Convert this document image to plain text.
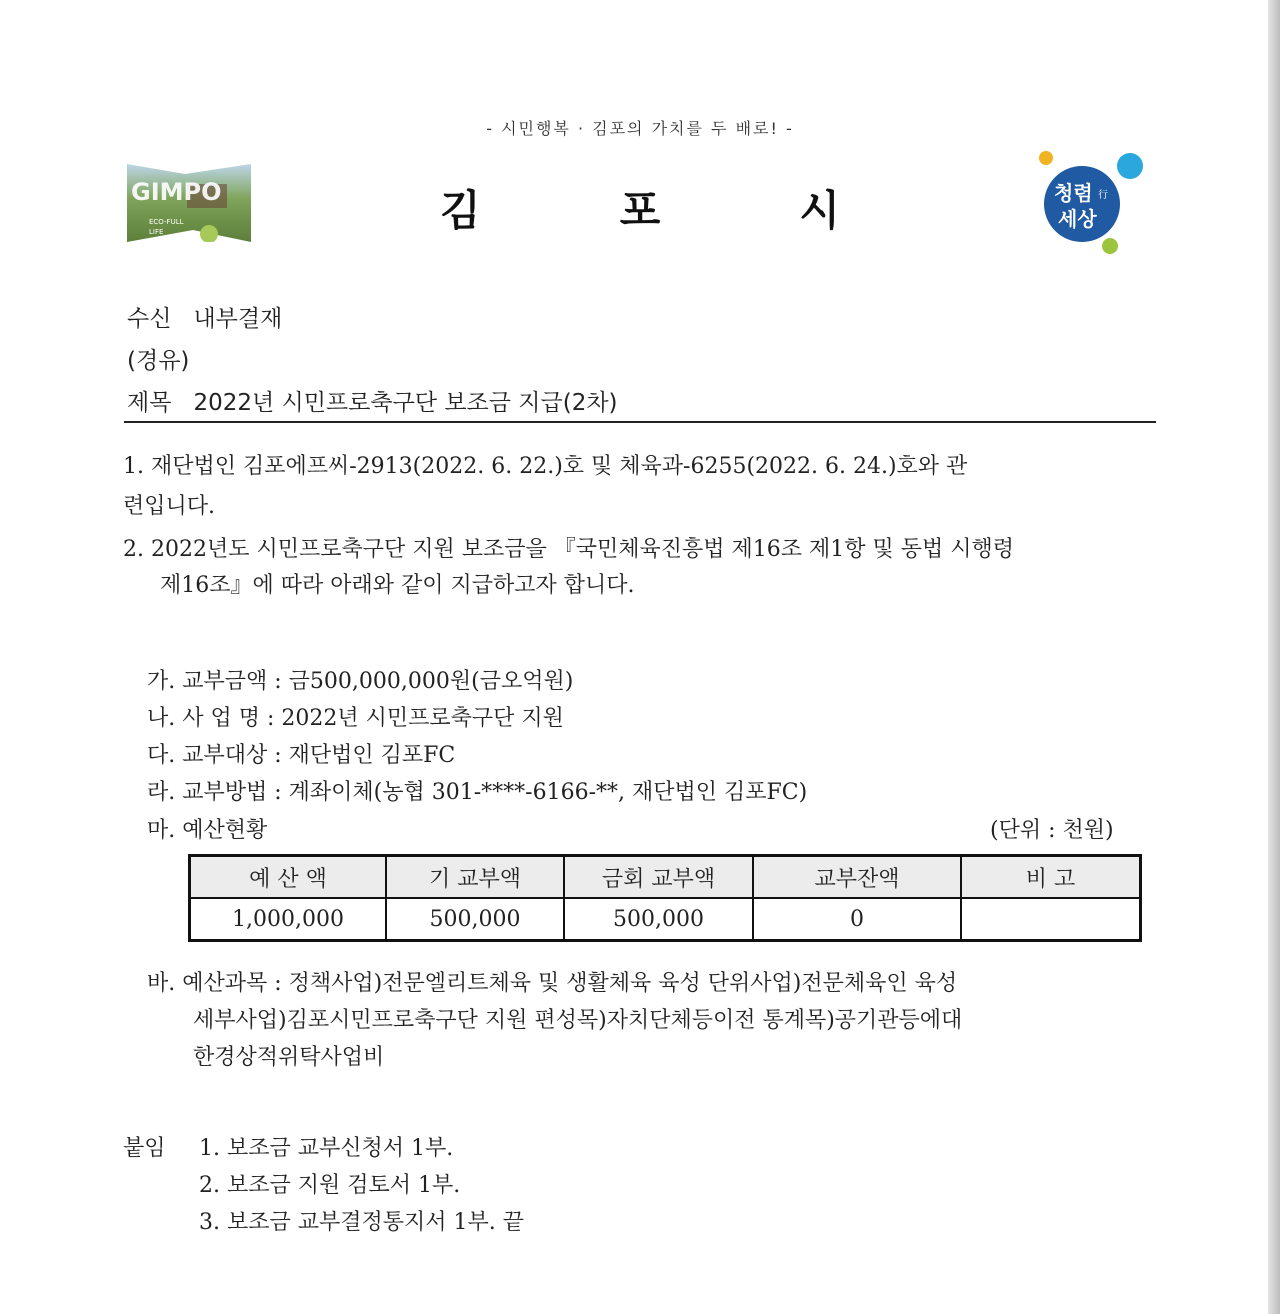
- 시민행복 · 김포의 가치를 두 배로! -
GIMPO
ECO-FULL
LIFE	김	포	시	청렴 行
세상
수신 내부결재
(경유)
제목 2022년 시민프로축구단 보조금 지급(2차)
1. 재단법인 김포에프씨-2913(2022. 6. 22.)호 및 체육과-6255(2022. 6. 24.)호와 관
련입니다.
2. 2022년도 시민프로축구단 지원 보조금을 『국민체육진흥법 제16조 제1항 및 동법 시행령
제16조』에 따라 아래와 같이 지급하고자 합니다.
가. 교부금액 : 금500,000,000원(금오억원)
나. 사 업 명 : 2022년 시민프로축구단 지원
다. 교부대상 : 재단법인 김포FC
라. 교부방법 : 계좌이체(농협 301-****-6166-**, 재단법인 김포FC)
마. 예산현황	(단위 : 천원)
예 산 액	기 교부액	금회 교부액	교부잔액	비 고
1,000,000	500,000	500,000	0	
바. 예산과목 : 정책사업)전문엘리트체육 및 생활체육 육성 단위사업)전문체육인 육성
세부사업)김포시민프로축구단 지원 편성목)자치단체등이전 통계목)공기관등에대
한경상적위탁사업비
붙임 1. 보조금 교부신청서 1부.
2. 보조금 지원 검토서 1부.
3. 보조금 교부결정통지서 1부. 끝
